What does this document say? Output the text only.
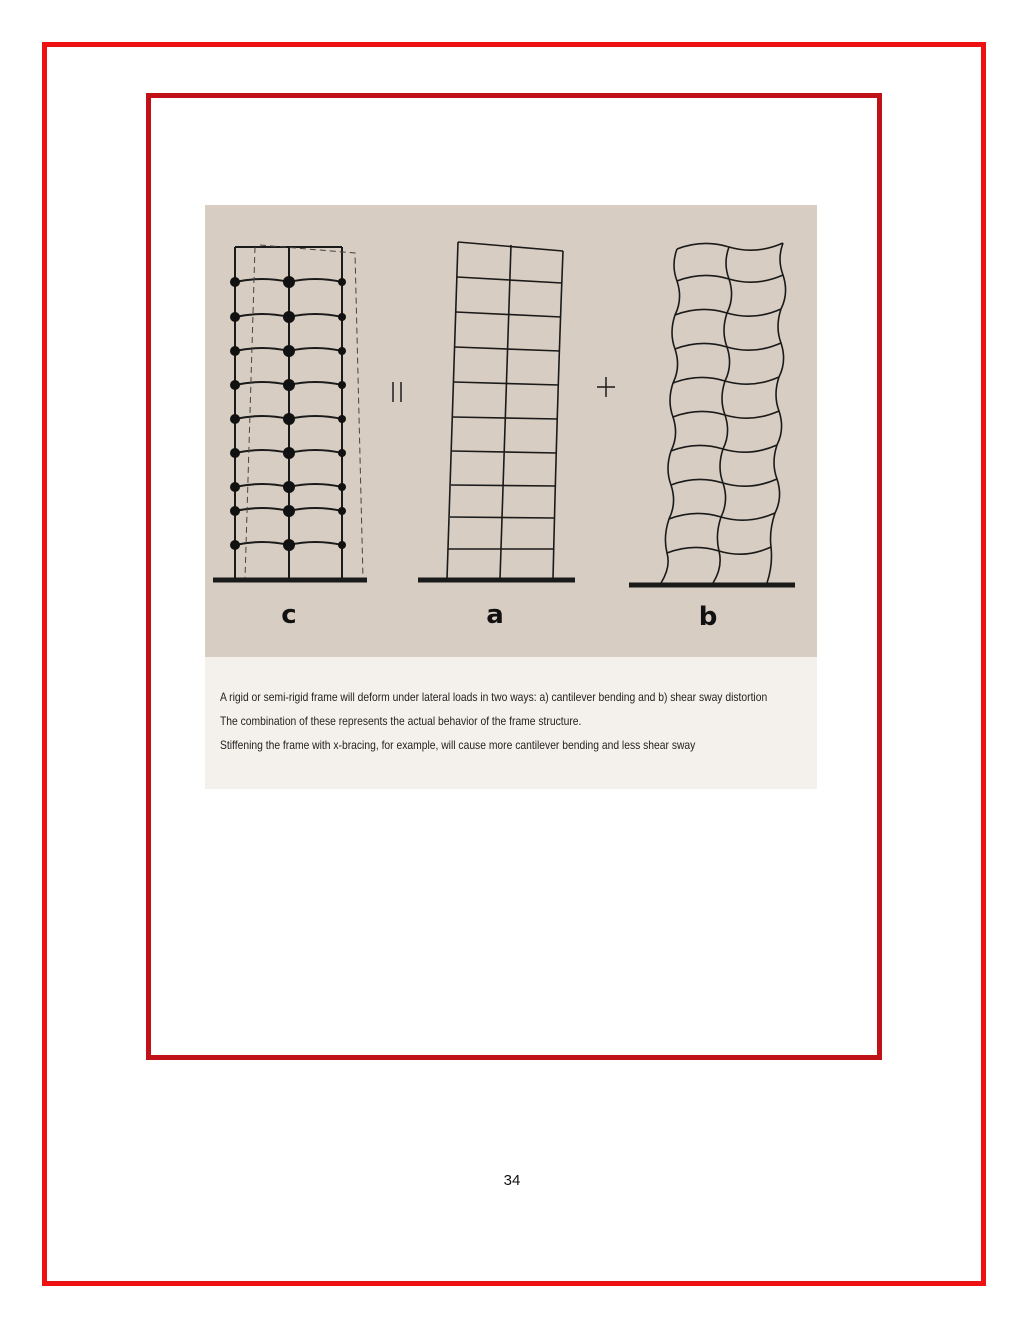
c	a	b
A rigid or semi-rigid frame will deform under lateral loads in two ways: a) cantilever bending and b) shear sway distortion
The combination of these represents the actual behavior of the frame structure.
Stiffening the frame with x-bracing, for example, will cause more cantilever bending and less shear sway
34
